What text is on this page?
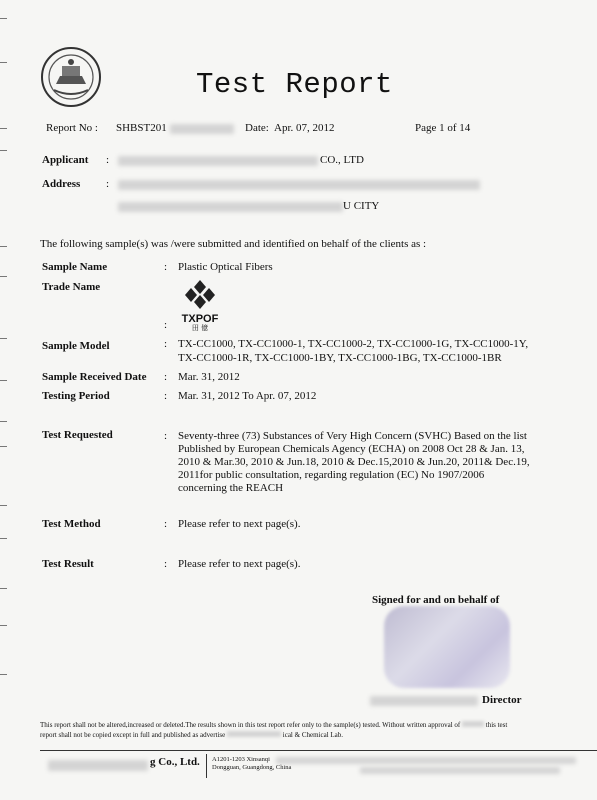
Test Report
Report No : SHBST201	Date: Apr. 07, 2012	Page 1 of 14
Applicant :	CO., LTD
Address :
U CITY
The following sample(s) was /were submitted and identified on behalf of the clients as :
Sample Name	: Plastic Optical Fibers
Trade Name
:	TXPOF
田 億
Sample Model	: TX-CC1000, TX-CC1000-1, TX-CC1000-2, TX-CC1000-1G, TX-CC1000-1Y,
TX-CC1000-1R, TX-CC1000-1BY, TX-CC1000-1BG, TX-CC1000-1BR
Sample Received Date : Mar. 31, 2012
Testing Period	: Mar. 31, 2012 To Apr. 07, 2012
Test Requested	: Seventy-three (73) Substances of Very High Concern (SVHC) Based on the list
Published by European Chemicals Agency (ECHA) on 2008 Oct 28 & Jan. 13,
2010 & Mar.30, 2010 & Jun.18, 2010 & Dec.15,2010 & Jun.20, 2011& Dec.19,
2011for public consultation, regarding regulation (EC) No 1907/2006
concerning the REACH
Test Method	: Please refer to next page(s).
Test Result	: Please refer to next page(s).
Signed for and on behalf of
Director
This report shall not be altered,increased or deleted.The results shown in this test report refer only to the sample(s) tested. Without written approval of	this test
report shall not be copied except in full and published as advertise	ical & Chemical Lab.
g Co., Ltd. A1201-1203 Xinsanqi
Dongguan, Guangdong, China
